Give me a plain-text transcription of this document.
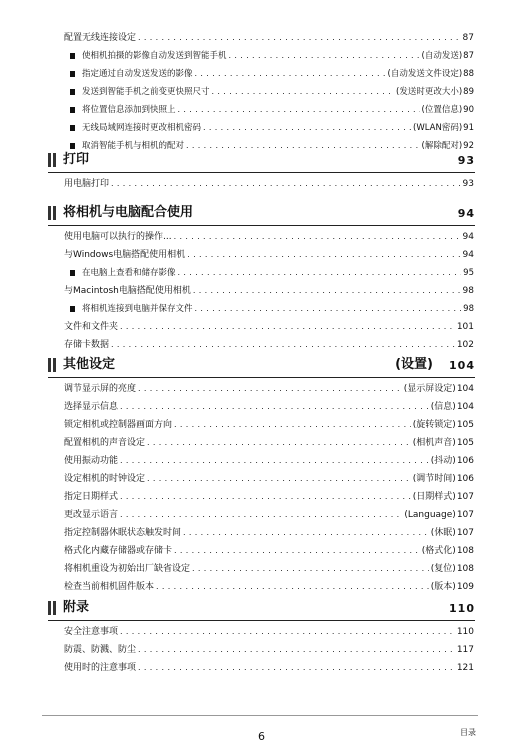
配置无线连接设定 . . .	87
使相机拍摄的影像自动发送到智能手机 . . .	(自动发送) 87
指定通过自动发送发送的影像 . . .	(自动发送文件设定) 88
发送到智能手机之前变更快照尺寸 . . .	(发送时更改大小) 89
将位置信息添加到快照上 . . .	(位置信息) 90
无线局域网连接时更改相机密码 . . .	(WLAN密码) 91
取消智能手机与相机的配对 . . .	(解除配对) 92
打印	93
用电脑打印 . . .	93
将相机与电脑配合使用	94
使用电脑可以执行的操作... . . .	94
与Windows电脑搭配使用相机 . . .	94
在电脑上查看和储存影像 . . .	95
与Macintosh电脑搭配使用相机 . . .	98
将相机连接到电脑并保存文件 . . .	98
文件和文件夹 . . .	101
存储卡数据 . . .	102
其他设定	(设置) 104
调节显示屏的亮度 . . .	(显示屏设定) 104
选择显示信息 . . .	(信息) 104
锁定相机或控制器画面方向 . . .	(旋转锁定) 105
配置相机的声音设定 . . .	(相机声音) 105
使用振动功能 . . .	(抖动) 106
设定相机的时钟设定 . . .	(调节时间) 106
指定日期样式 . . .	(日期样式) 107
更改显示语言 . . .	(Language) 107
指定控制器休眠状态触发时间 . . .	(休眠) 107
格式化内藏存储器或存储卡 . . .	(格式化) 108
将相机重设为初始出厂缺省设定 . . .	(复位) 108
检查当前相机固件版本 . . .	(版本) 109
附录	110
安全注意事项 . . .	110
防震、防溅、防尘 . . .	117
使用时的注意事项 . . .	121
6	目录
